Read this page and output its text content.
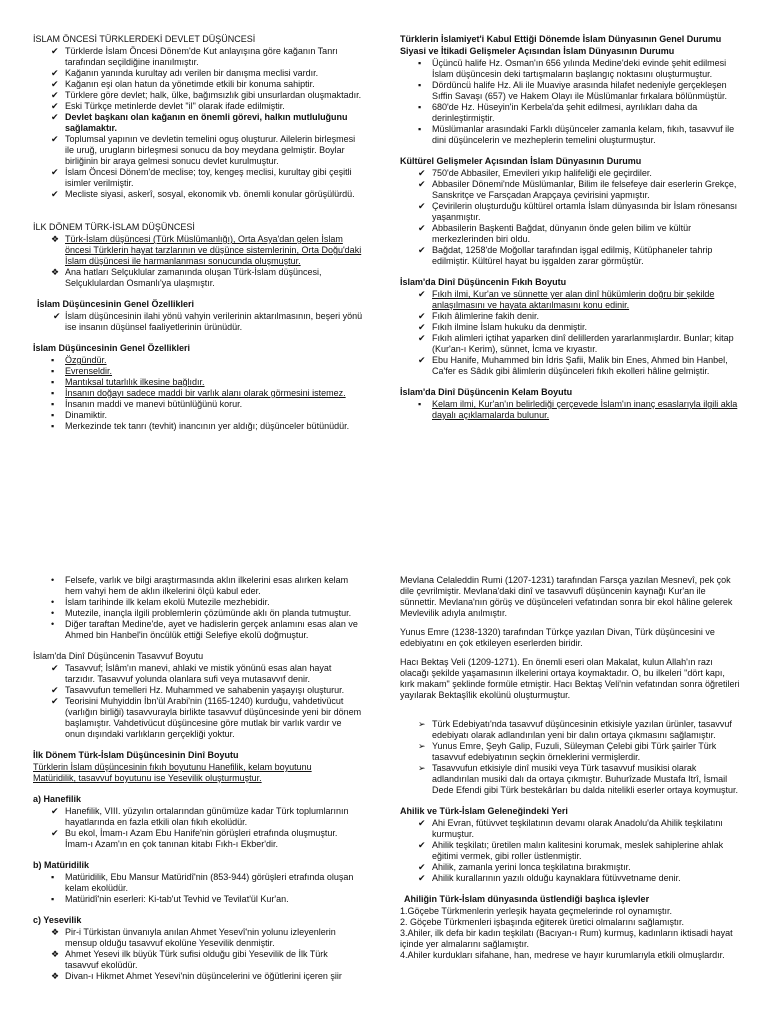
İSLAM ÖNCESİ TÜRKLERDEKİ DEVLET DÜŞÜNCESİ
✔ Türklerde İslam Öncesi Dönem'de Kut anlayışına göre kağanın Tanrı tarafından seçildiğine inanılmıştır.
✔ Kağanın yanında kurultay adı verilen bir danışma meclisi vardır.
✔ Kağanın eşi olan hatun da yönetimde etkili bir konuma sahiptir.
✔ Türklere göre devlet; halk, ülke, bağımsızlık gibi unsurlardan oluşmaktadır.
✔ Eski Türkçe metinlerde devlet "il" olarak ifade edilmiştir.
✔ Devlet başkanı olan kağanın en önemli görevi, halkın mutluluğunu sağlamaktır.
✔ Toplumsal yapının ve devletin temelini oguş oluşturur. Ailelerin birleşmesi ile uruğ, urugların birleşmesi sonucu da boy meydana gelmiştir. Boylar birliğinin bir araya gelmesi sonucu devlet kurulmuştur.
✔ İslam Öncesi Dönem'de meclise; toy, kengeş meclisi, kurultay gibi çeşitli isimler verilmiştir.
✔ Mecliste siyasi, askerî, sosyal, ekonomik vb. önemli konular görüşülürdü.
İLK DÖNEM TÜRK-İSLAM DÜŞÜNCESİ
❖ Türk-İslam düşüncesi (Türk Müslümanlığı), Orta Asya'dan gelen İslam öncesi Türklerin hayat tarzlarının ve düşünce sistemlerinin, Orta Doğu'daki İslam düşüncesi ile harmanlanması sonucunda oluşmuştur.
❖ Ana hatları Selçuklular zamanında oluşan Türk-İslam düşüncesi, Selçuklulardan Osmanlı'ya ulaşmıştır.
İslam Düşüncesinin Genel Özellikleri
✔ İslam düşüncesinin ilahi yönü vahyin verilerinin aktarılmasının, beşeri yönü ise insanın düşünsel faaliyetlerinin ürünüdür.
İslam Düşüncesinin Genel Özellikleri
▪	Özgündür.
▪	Evrenseldir.
▪	Mantıksal tutarlılık ilkesine bağlıdır.
▪	İnsanın doğayı sadece maddi bir varlık alanı olarak görmesini istemez.
▪	İnsanın maddi ve manevi bütünlüğünü korur.
▪	Dinamiktir.
▪	Merkezinde tek tanrı (tevhit) inancının yer aldığı; düşünceler bütünüdür.
Türklerin İslamiyet'i Kabul Ettiği Dönemde İslam Dünyasının Genel Durumu
Siyasi ve İtikadi Gelişmeler Açısından İslam Dünyasının Durumu
▪	Üçüncü halife Hz. Osman'ın 656 yılında Medine'deki evinde şehit edilmesi İslam düşüncesin deki tartışmaların başlangıç noktasını oluşturmuştur.
▪	Dördüncü halife Hz. Ali ile Muaviye arasında hilafet nedeniyle gerçekleşen Sıffin Savaşı (657) ve Hakem Olayı ile Müslümanlar fırkalara bölünmüştür.
▪	680'de Hz. Hüseyin'in Kerbela'da şehit edilmesi, ayrılıkları daha da derinleştirmiştir.
▪	Müslümanlar arasındaki Farklı düşünceler zamanla kelam, fıkıh, tasavvuf ile dini düşüncelerin ve mezheplerin temelini oluşturmuştur.
Kültürel Gelişmeler Açısından İslam Dünyasının Durumu
✔ 750'de Abbasiler, Emevileri yıkıp halifeliği ele geçirdiler.
✔ Abbasiler Dönemi'nde Müslümanlar, Bilim ile felsefeye dair eserlerin Grekçe, Sanskritçe ve Farsçadan Arapçaya çevirisini yapmıştır.
✔ Çevirilerin oluşturduğu kültürel ortamla İslam dünyasında bir İslam rönesansı yaşanmıştır.
✔ Abbasilerin Başkenti Bağdat, dünyanın önde gelen bilim ve kültür merkezlerinden biri oldu.
✔ Bağdat, 1258'de Moğollar tarafından işgal edilmiş, Kütüphaneler tahrip edilmiştir. Kültürel hayat bu işgalden zarar görmüştür.
İslam'da Dinî Düşüncenin Fıkıh Boyutu
✔ Fıkıh ilmi, Kur'an ve sünnette yer alan dinî hükümlerin doğru bir şekilde anlaşılmasını ve hayata aktarılmasını konu edinir.
✔ Fıkıh âlimlerine fakih denir.
✔ Fıkıh ilmine İslam hukuku da denmiştir.
✔ Fıkıh alimleri içtihat yaparken dinî delillerden yararlanmışlardır. Bunlar; kitap (Kur'an-ı Kerim), sünnet, İcma ve kıyastır.
✔ Ebu Hanife, Muhammed bin İdris Şafii, Malik bin Enes, Ahmed bin Hanbel, Ca'fer es Sâdık gibi âlimlerin düşünceleri fıkıh ekolleri hâline gelmiştir.
İslam'da Dinî Düşüncenin Kelam Boyutu
▪	Kelam ilmi, Kur'an'ın belirlediği çerçevede İslam'ın inanç esaslarıyla ilgili akla dayalı açıklamalarda bulunur.
•	Felsefe, varlık ve bilgi araştırmasında aklın ilkelerini esas alırken kelam hem vahyi hem de aklın ilkelerini ölçü kabul eder.
•	İslam tarihinde ilk kelam ekolü Mutezile mezhebidir.
•	Mutezile, inançla ilgili problemlerin çözümünde aklı ön planda tutmuştur.
•	Diğer taraftan Medine'de, ayet ve hadislerin gerçek anlamını esas alan ve Ahmed bin Hanbel'in öncülük ettiği Selefiye ekolü doğmuştur.
İslam'da Dinî Düşüncenin Tasavvuf Boyutu
✔ Tasavvuf; İslâm'ın manevi, ahlaki ve mistik yönünü esas alan hayat tarzıdır. Tasavvuf yolunda olanlara sufi veya mutasavvıf denir.
✔ Tasavvufun temelleri Hz. Muhammed ve sahabenin yaşayışı oluşturur.
✔ Teorisini Muhyiddin İbn'ül Arabi'nin (1165-1240) kurduğu, vahdetivücut (varlığın birliği) tasavvurayla birlikte tasavvuf düşüncesinde yeni bir dönem başlamıştır. Vahdetivücut düşüncesine göre mutlak bir varlık vardır ve onun dışındaki varlıkların gerçekliği yoktur.
İlk Dönem Türk-İslam Düşüncesinin Dinî Boyutu
Türklerin İslam düşüncesinin fıkıh boyutunu Hanefilik, kelam boyutunu
Matüridilik, tasavvuf boyutunu ise Yesevilik oluşturmuştur.
a) Hanefilik
✔ Hanefilik, VIII. yüzyılın ortalarından günümüze kadar Türk toplumlarının hayatlarında en fazla etkili olan fıkıh ekolüdür.
✔ Bu ekol, İmam-ı Azam Ebu Hanife'nin görüşleri etrafında oluşmuştur. İmam-ı Azam'ın en çok tanınan kitabı Fıkh-ı Ekber'dir.
b) Matüridilik
▪	Matüridilik, Ebu Mansur Matüridî'nin (853-944) görüşleri etrafında oluşan kelam ekolüdür.
▪	Matüridî'nin eserleri: Ki-tab'ut Tevhid ve Tevilat'ül Kur'an.
c) Yesevilik
❖ Pir-i Türkistan ünvanıyla anılan Ahmet Yesevî'nin yolunu izleyenlerin mensup olduğu tasavvuf ekolüne Yesevilik denmiştir.
❖ Ahmet Yesevi ilk büyük Türk sufisi olduğu gibi Yesevilik de İlk Türk tasavvuf ekolüdür.
❖ Divan-ı Hikmet Ahmet Yesevi'nin düşüncelerini ve öğütlerini içeren şiir
Mevlana Celaleddin Rumi (1207-1231) tarafından Farsça yazılan Mesnevî, pek çok dile çevrilmiştir. Mevlana'daki dinî ve tasavvufî düşüncenin kaynağı Kur'an ile sünnettir. Mevlana'nın görüş ve düşünceleri vefatından sonra bir ekol hâline gelerek Mevlevilik adıyla anılmıştır.
Yunus Emre (1238-1320) tarafından Türkçe yazılan Divan, Türk düşüncesini ve edebiyatını en çok etkileyen eserlerden biridir.
Hacı Bektaş Veli (1209-1271). En önemli eseri olan Makalat, kulun Allah'ın razı olacağı şekilde yaşamasının ilkelerini ortaya koymaktadır. O, bu ilkeleri "dört kapı, kırk makam" şeklinde formüle etmiştir. Hacı Bektaş Veli'nin vefatından sonra öğretileri yayılarak Bektaşîlik ekolünü oluşturmuştur.
➢ Türk Edebiyatı'nda tasavvuf düşüncesinin etkisiyle yazılan ürünler, tasavvuf edebiyatı olarak adlandırılan yeni bir dalın ortaya çıkmasını sağlamıştır.
➢ Yunus Emre, Şeyh Galip, Fuzuli, Süleyman Çelebi gibi Türk şairler Türk tasavvuf edebiyatının seçkin örneklerini vermişlerdir.
➢ Tasavvufun etkisiyle dinî musiki veya Türk tasavvuf musikisi olarak adlandırılan musiki dalı da ortaya çıkmıştır. Buhurîzade Mustafa Itrî, İsmail Dede Efendi gibi Türk bestekârları bu dalda nitelikli eserler ortaya koymuştur.
Ahilik ve Türk-İslam Geleneğindeki Yeri
✔ Ahi Evran, fütüvvet teşkilatının devamı olarak Anadolu'da Ahilik teşkilatını kurmuştur.
✔ Ahilik teşkilatı; üretilen malın kalitesini korumak, meslek sahiplerine ahlak eğitimi vermek, gibi roller üstlenmiştir.
✔ Ahilik, zamanla yerini lonca teşkilatına bırakmıştır.
✔ Ahilik kurallarının yazılı olduğu kaynaklara fütüvvetname denir.
Ahiliğin Türk-İslam dünyasında üstlendiği başlıca işlevler
1.Göçebe Türkmenlerin yerleşik hayata geçmelerinde rol oynamıştır.
2. Göçebe Türkmenleri işbaşında eğiterek üretici olmalarını sağlamıştır.
3.Ahiler, ilk defa bir kadın teşkilatı (Bacıyan-ı Rum) kurmuş, kadınların iktisadi hayat içinde yer almalarını sağlamıştır.
4.Ahiler kurdukları sifahane, han, medrese ve hayır kurumlarıyla etkili olmuşlardır.
